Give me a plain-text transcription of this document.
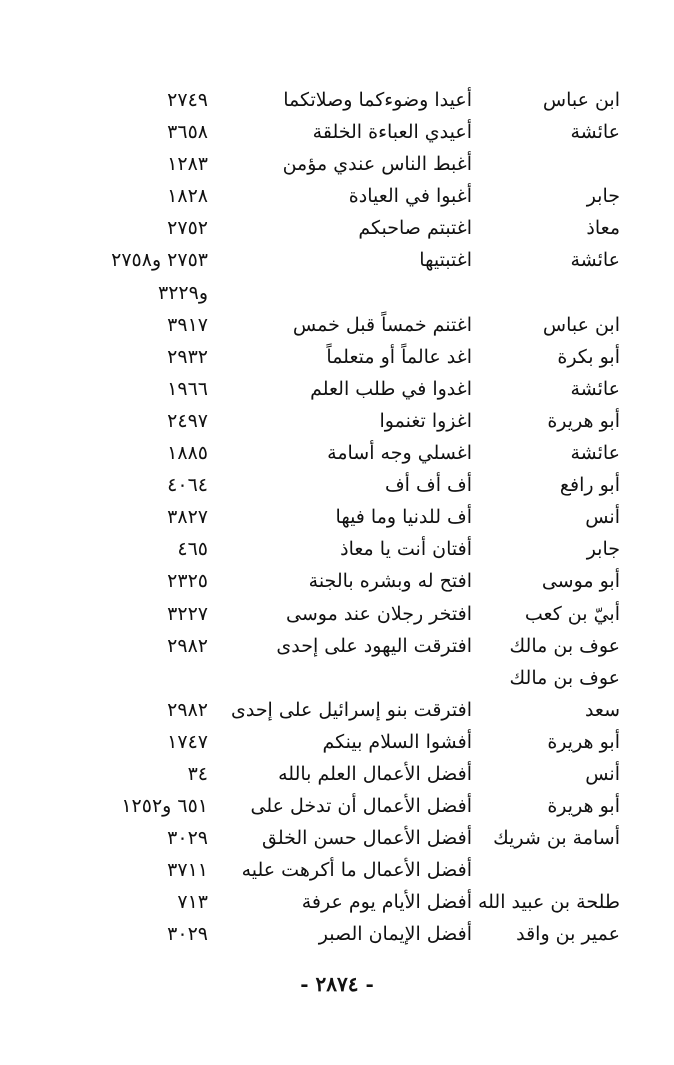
ابن عباس
أعيدا وضوءكما وصلاتكما
٢٧٤٩
عائشة
أعيدي العباءة الخلقة
٣٦٥٨
أغبط الناس عندي مؤمن
١٢٨٣
جابر
أغبوا في العيادة
١٨٢٨
معاذ
اغتبتم صاحبكم
٢٧٥٢
عائشة
اغتبتيها
٢٧٥٣ و٢٧٥٨
و٣٢٢٩
ابن عباس
اغتنم خمساً قبل خمس
٣٩١٧
أبو بكرة
اغد عالماً أو متعلماً
٢٩٣٢
عائشة
اغدوا في طلب العلم
١٩٦٦
أبو هريرة
اغزوا تغنموا
٢٤٩٧
عائشة
اغسلي وجه أسامة
١٨٨٥
أبو رافع
أف أف أف
٤٠٦٤
أنس
أف للدنيا وما فيها
٣٨٢٧
جابر
أفتان أنت يا معاذ
٤٦٥
أبو موسى
افتح له وبشره بالجنة
٢٣٢٥
أبيّ بن كعب
افتخر رجلان عند موسى
٣٢٢٧
عوف بن مالك
افترقت اليهود على إحدى
٢٩٨٢
عوف بن مالك
سعد
افترقت بنو إسرائيل على إحدى
٢٩٨٢
أبو هريرة
أفشوا السلام بينكم
١٧٤٧
أنس
أفضل الأعمال العلم بالله
٣٤
أبو هريرة
أفضل الأعمال أن تدخل على
٦٥١ و١٢٥٢
أسامة بن شريك
أفضل الأعمال حسن الخلق
٣٠٢٩
أفضل الأعمال ما أكرهت عليه
٣٧١١
طلحة بن عبيد الله
أفضل الأيام يوم عرفة
٧١٣
عمير بن واقد
أفضل الإيمان الصبر
٣٠٢٩
- ٢٨٧٤ -
